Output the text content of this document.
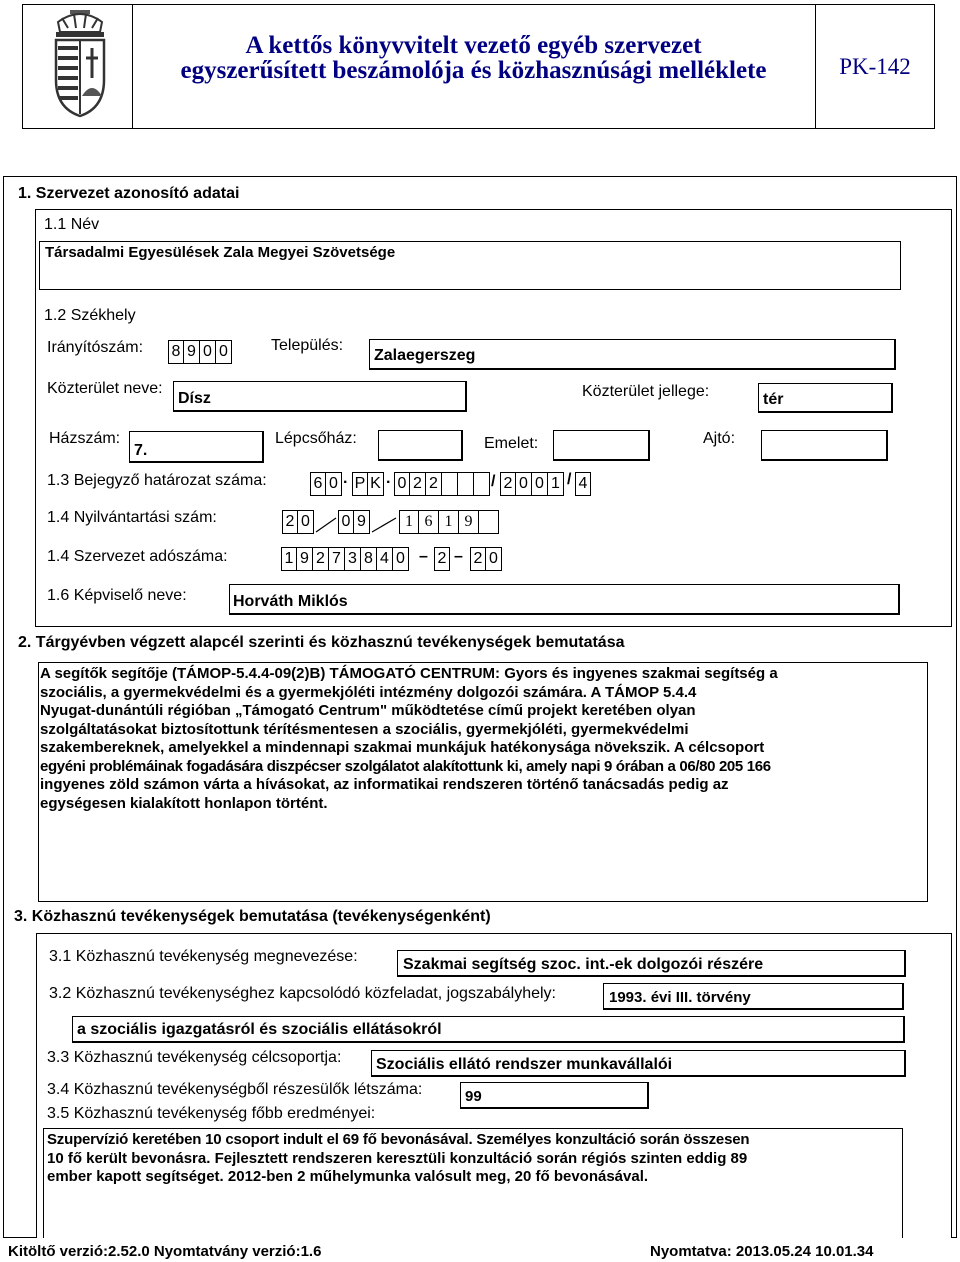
A kettős könyvvitelt vezető egyéb szervezet
egyszerűsített beszámolója és közhasznúsági melléklete	PK-142
1. Szervezet azonosító adatai
1.1 Név
Társadalmi Egyesülések Zala Megyei Szövetsége
1.2 Székhely
Irányítószám: 8 9 0 0	Település:
Zalaegerszeg
Közterület neve:
Dísz	Közterület jellege:	tér
Házszám:
7.
Lépcsőház:	Emelet:	Ajtó:
1.3 Bejegyző határozat száma:	6 0 · P K · 0 2 2	/ 2 0 0 1 / 4
1.4 Nyilvántartási szám:	2 0 0 9	1 6 1 9
1.4 Szervezet adószáma:	1 9 2 7 3 8 4 0 – 2 – 2 0
1.6 Képviselő neve:	Horváth Miklós
2. Tárgyévben végzett alapcél szerinti és közhasznú tevékenységek bemutatása
A segítők segítője (TÁMOP-5.4.4-09(2)B) TÁMOGATÓ CENTRUM: Gyors és ingyenes szakmai segítség a
szociális, a gyermekvédelmi és a gyermekjóléti intézmény dolgozói számára. A TÁMOP 5.4.4
Nyugat-dunántúli régióban „Támogató Centrum" működtetése című projekt keretében olyan
szolgáltatásokat biztosítottunk térítésmentesen a szociális, gyermekjóléti, gyermekvédelmi
szakembereknek, amelyekkel a mindennapi szakmai munkájuk hatékonysága növekszik. A célcsoport
egyéni problémáinak fogadására diszpécser szolgálatot alakítottunk ki, amely napi 9 órában a 06/80 205 166
ingyenes zöld számon várta a hívásokat, az informatikai rendszeren történő tanácsadás pedig az
egységesen kialakított honlapon történt.
3. Közhasznú tevékenységek bemutatása (tevékenységenként)
3.1 Közhasznú tevékenység megnevezése:	Szakmai segítség szoc. int.-ek dolgozói részére
3.2 Közhasznú tevékenységhez kapcsolódó közfeladat, jogszabályhely:	1993. évi III. törvény
a szociális igazgatásról és szociális ellátásokról
3.3 Közhasznú tevékenység célcsoportja: Szociális ellátó rendszer munkavállalói
3.4 Közhasznú tevékenységből részesülők létszáma:	99
3.5 Közhasznú tevékenység főbb eredményei:
Szupervízió keretében 10 csoport indult el 69 fő bevonásával. Személyes konzultáció során összesen
10 fő került bevonásra. Fejlesztett rendszeren keresztüli konzultáció során régiós szinten eddig 89
ember kapott segítséget. 2012-ben 2 műhelymunka valósult meg, 20 fő bevonásával.
Kitöltő verzió:2.52.0 Nyomtatvány verzió:1.6	Nyomtatva: 2013.05.24 10.01.34
